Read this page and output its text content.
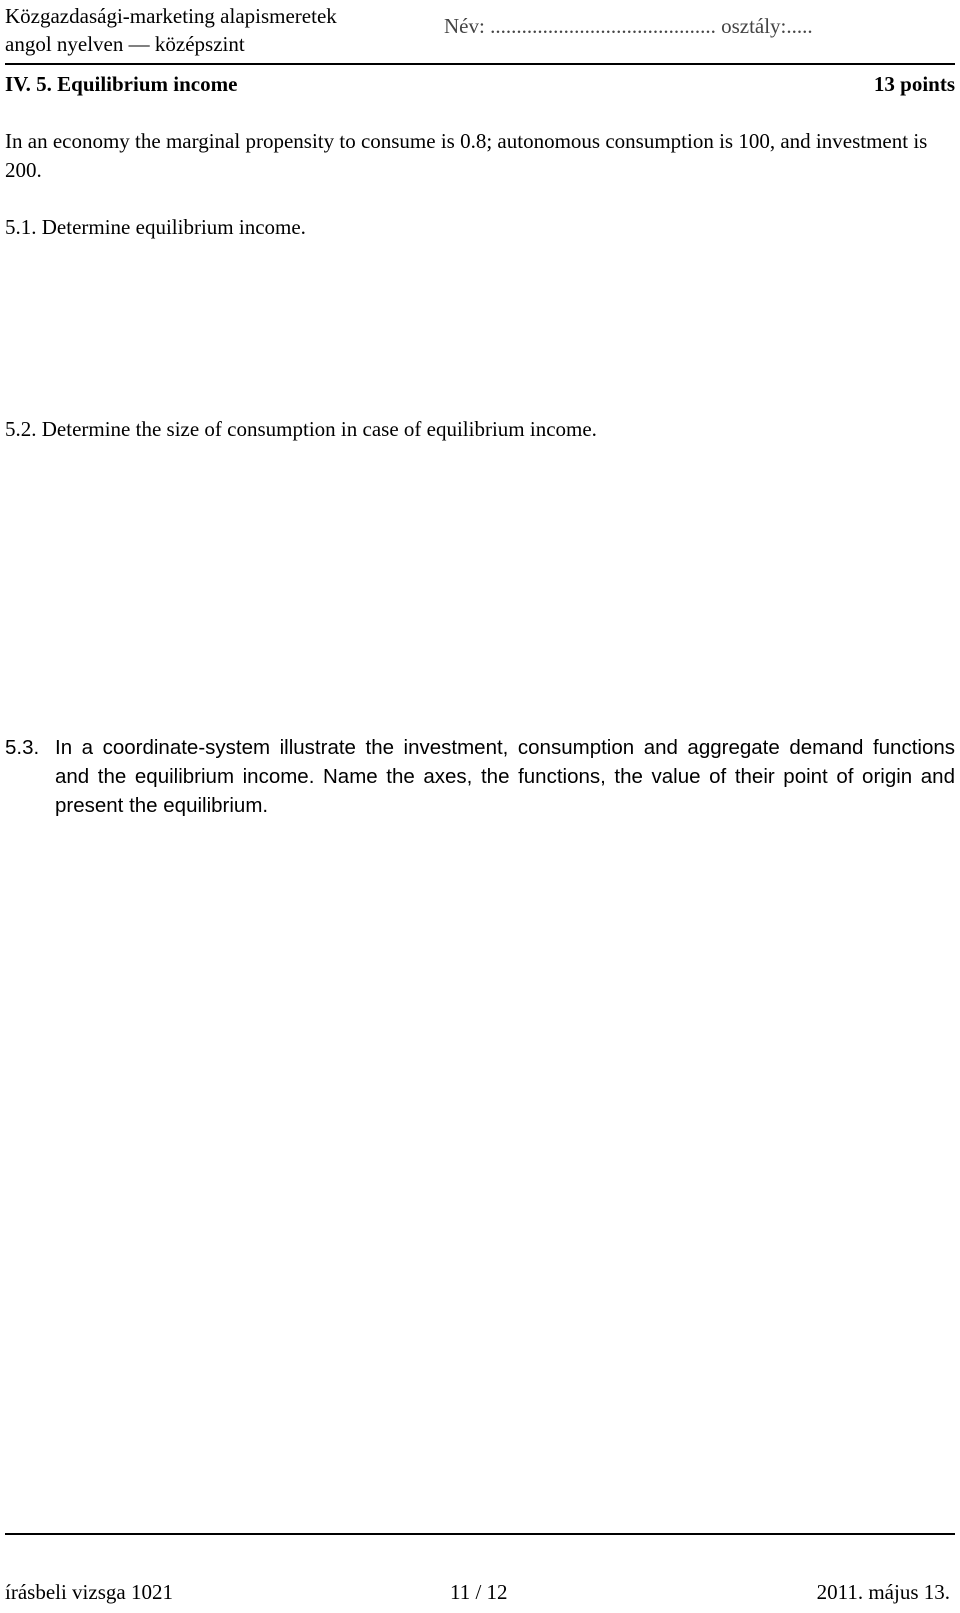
Közgazdasági-marketing alapismeretek
angol nyelven — középszint
Név: ........................................... osztály:.....
IV. 5. Equilibrium income	13 points
In an economy the marginal propensity to consume is 0.8; autonomous consumption is 100, and investment is 200.
5.1. Determine equilibrium income.
5.2. Determine the size of consumption in case of equilibrium income.
5.3. In a coordinate-system illustrate the investment, consumption and aggregate demand functions and the equilibrium income. Name the axes, the functions, the value of their point of origin and present the equilibrium.
írásbeli vizsga 1021	11 / 12	2011. május 13.
